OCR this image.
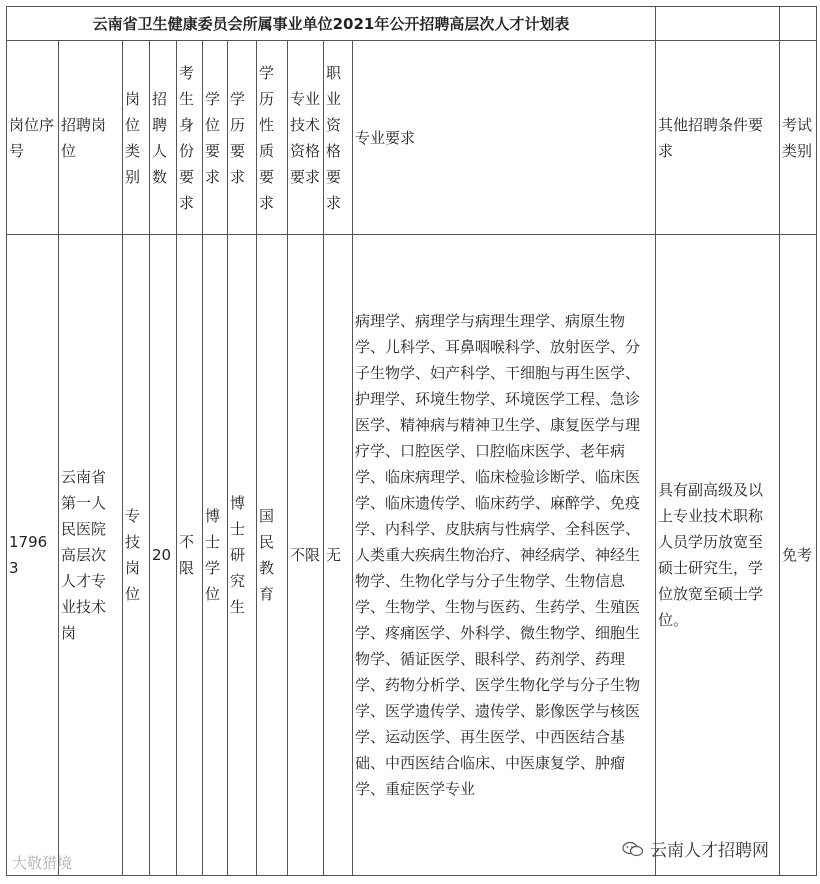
云南省卫生健康委员会所属事业单位2021年公开招聘高层次人才计划表												
岗位序号	招聘岗位	岗位类别	招聘人数	考生身份要求	学位要求	学历要求	学历性质要求	专业技术资格要求	职业资格要求	专业要求	其他招聘条件要求	考试类别
17963	云南省第一人民医院高层次人才专业技术岗	专技岗位	20	不限	博士学位	博士研究生	国民教育	不限	无	病理学、病理学与病理生理学、病原生物学、儿科学、耳鼻咽喉科学、放射医学、分子生物学、妇产科学、干细胞与再生医学、护理学、环境生物学、环境医学工程、急诊医学、精神病与精神卫生学、康复医学与理疗学、口腔医学、口腔临床医学、老年病学、临床病理学、临床检验诊断学、临床医学、临床遗传学、临床药学、麻醉学、免疫学、内科学、皮肤病与性病学、全科医学、人类重大疾病生物治疗、神经病学、神经生物学、生物化学与分子生物学、生物信息学、生物学、生物与医药、生药学、生殖医学、疼痛医学、外科学、微生物学、细胞生物学、循证医学、眼科学、药剂学、药理学、药物分析学、医学生物化学与分子生物学、医学遗传学、遗传学、影像医学与核医学、运动医学、再生医学、中西医结合基础、中西医结合临床、中医康复学、肿瘤学、重症医学专业	具有副高级及以上专业技术职称人员学历放宽至硕士研究生，学位放宽至硕士学位。	免考
大敬猎境
云南人才招聘网
